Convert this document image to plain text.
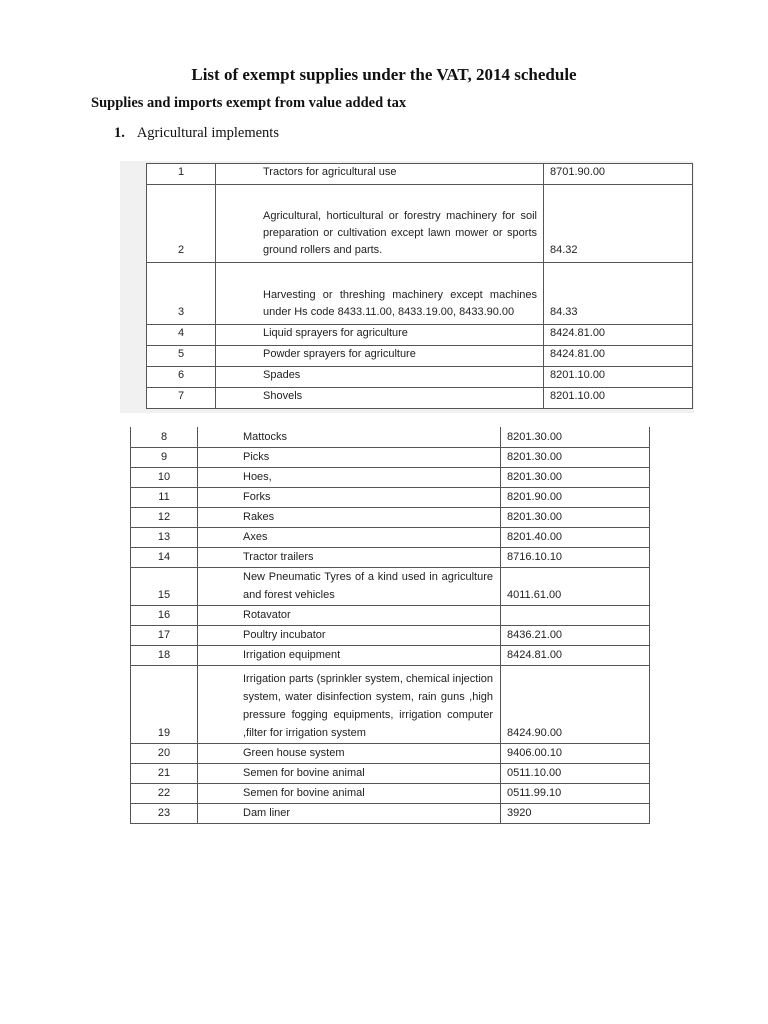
List of exempt supplies under the VAT, 2014 schedule
Supplies and imports exempt from value added tax
1. Agricultural implements
1	Tractors for agricultural use	8701.90.00
2	Agricultural, horticultural or forestry machinery for soil preparation or cultivation except lawn mower or sports ground rollers and parts.	84.32
3	Harvesting or threshing machinery except machines under Hs code 8433.11.00, 8433.19.00, 8433.90.00	84.33
4	Liquid sprayers for agriculture	8424.81.00
5	Powder sprayers for agriculture	8424.81.00
6	Spades	8201.10.00
7	Shovels	8201.10.00
8	Mattocks	8201.30.00
9	Picks	8201.30.00
10	Hoes,	8201.30.00
11	Forks	8201.90.00
12	Rakes	8201.30.00
13	Axes	8201.40.00
14	Tractor trailers	8716.10.10
15	New Pneumatic Tyres of a kind used in agriculture and forest vehicles	4011.61.00
16	Rotavator	
17	Poultry incubator	8436.21.00
18	Irrigation equipment	8424.81.00
19	Irrigation parts (sprinkler system, chemical injection system, water disinfection system, rain guns ,high pressure fogging equipments, irrigation computer ,filter for irrigation system	8424.90.00
20	Green house system	9406.00.10
21	Semen for bovine animal	0511.10.00
22	Semen for bovine animal	0511.99.10
23	Dam liner	3920
